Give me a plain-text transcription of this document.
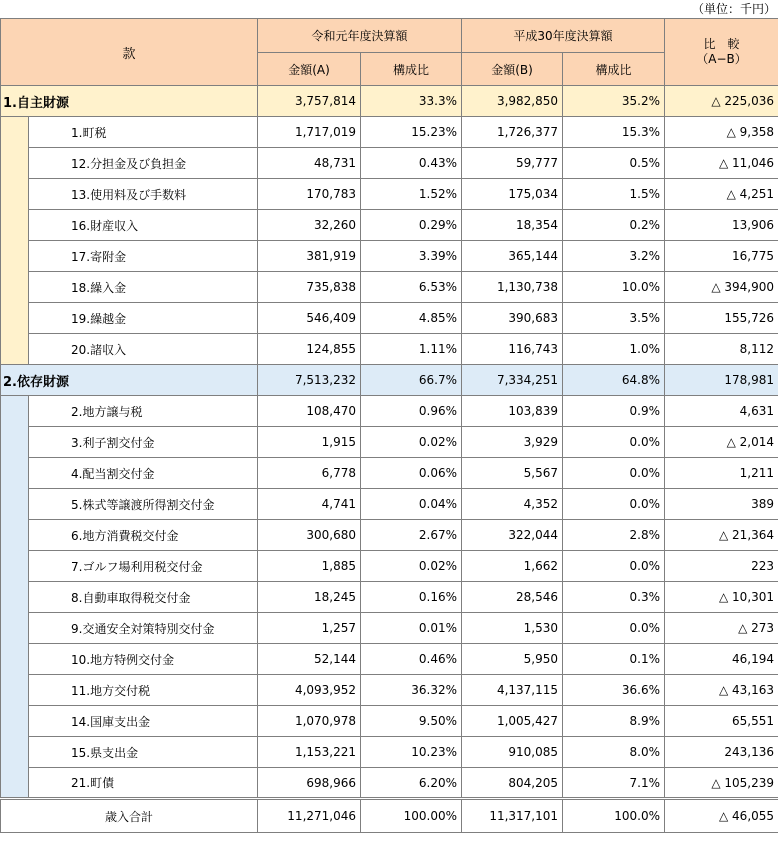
（単位：千円）
款		令和元年度決算額		平成30年度決算額		比　較
（A−B）
		金額(A)	構成比	金額(B)	構成比	
1.自主財源		3,757,814	33.3%	3,982,850	35.2%	△ 225,036
	1.町税	1,717,019	15.23%	1,726,377	15.3%	△ 9,358
	12.分担金及び負担金	48,731	0.43%	59,777	0.5%	△ 11,046
	13.使用料及び手数料	170,783	1.52%	175,034	1.5%	△ 4,251
	16.財産収入	32,260	0.29%	18,354	0.2%	13,906
	17.寄附金	381,919	3.39%	365,144	3.2%	16,775
	18.繰入金	735,838	6.53%	1,130,738	10.0%	△ 394,900
	19.繰越金	546,409	4.85%	390,683	3.5%	155,726
	20.諸収入	124,855	1.11%	116,743	1.0%	8,112
2.依存財源		7,513,232	66.7%	7,334,251	64.8%	178,981
	2.地方譲与税	108,470	0.96%	103,839	0.9%	4,631
	3.利子割交付金	1,915	0.02%	3,929	0.0%	△ 2,014
	4.配当割交付金	6,778	0.06%	5,567	0.0%	1,211
	5.株式等譲渡所得割交付金	4,741	0.04%	4,352	0.0%	389
	6.地方消費税交付金	300,680	2.67%	322,044	2.8%	△ 21,364
	7.ゴルフ場利用税交付金	1,885	0.02%	1,662	0.0%	223
	8.自動車取得税交付金	18,245	0.16%	28,546	0.3%	△ 10,301
	9.交通安全対策特別交付金	1,257	0.01%	1,530	0.0%	△ 273
	10.地方特例交付金	52,144	0.46%	5,950	0.1%	46,194
	11.地方交付税	4,093,952	36.32%	4,137,115	36.6%	△ 43,163
	14.国庫支出金	1,070,978	9.50%	1,005,427	8.9%	65,551
	15.県支出金	1,153,221	10.23%	910,085	8.0%	243,136
	21.町債	698,966	6.20%	804,205	7.1%	△ 105,239
歳入合計		11,271,046	100.00%	11,317,101	100.0%	△ 46,055
